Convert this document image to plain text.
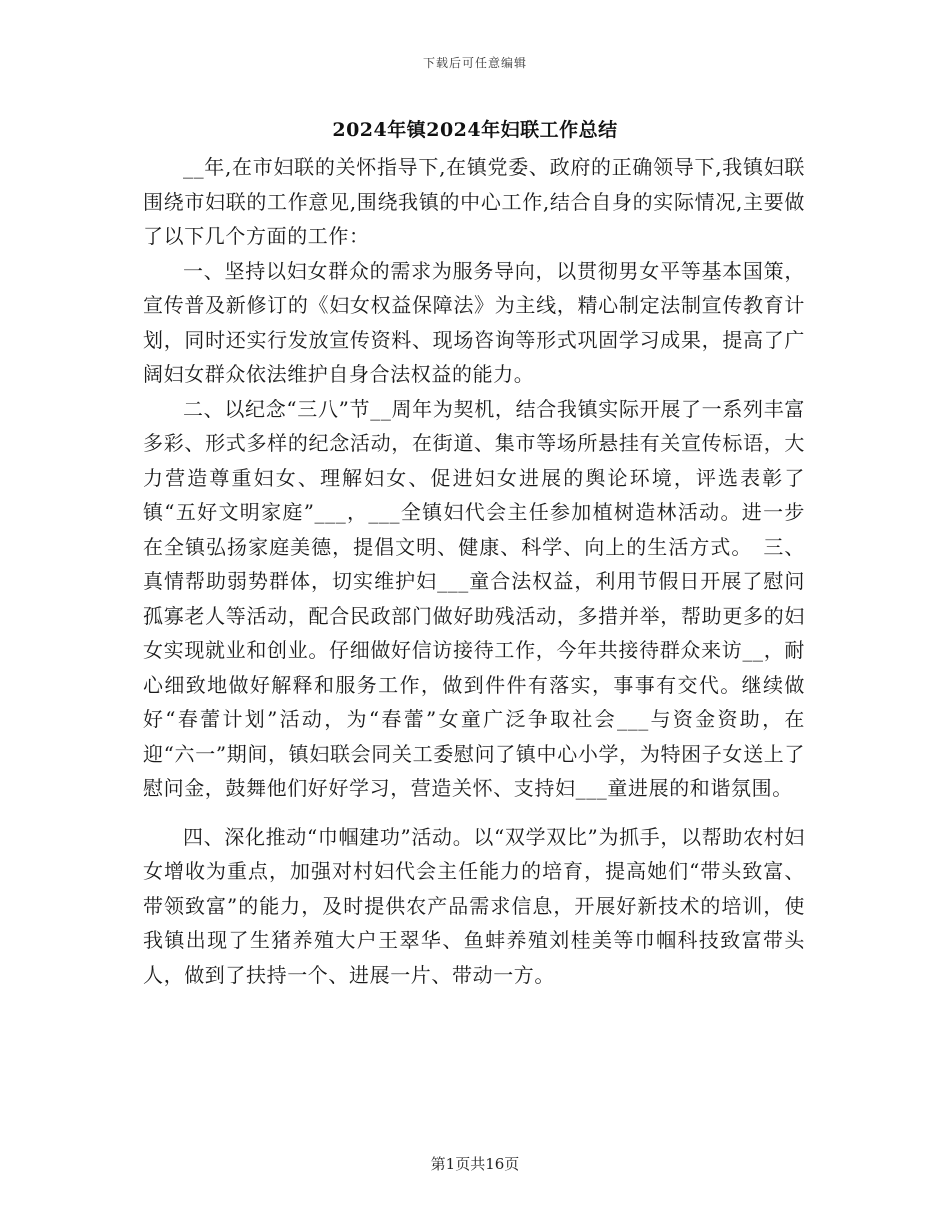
下载后可任意编辑
2024年镇2024年妇联工作总结

__年,在市妇联的关怀指导下,在镇党委、政府的正确领导下,我镇妇联围绕市妇联的工作意见,围绕我镇的中心工作,结合自身的实际情况,主要做了以下几个方面的工作：

一、坚持以妇女群众的需求为服务导向，以贯彻男女平等基本国策，宣传普及新修订的《妇女权益保障法》为主线，精心制定法制宣传教育计划，同时还实行发放宣传资料、现场咨询等形式巩固学习成果，提高了广阔妇女群众依法维护自身合法权益的能力。

二、以纪念“三八”节__周年为契机，结合我镇实际开展了一系列丰富多彩、形式多样的纪念活动，在街道、集市等场所悬挂有关宣传标语，大力营造尊重妇女、理解妇女、促进妇女进展的舆论环境，评选表彰了镇“五好文明家庭”___，___全镇妇代会主任参加植树造林活动。进一步在全镇弘扬家庭美德，提倡文明、健康、科学、向上的生活方式。　三、真情帮助弱势群体，切实维护妇___童合法权益，利用节假日开展了慰问孤寡老人等活动，配合民政部门做好助残活动，多措并举，帮助更多的妇女实现就业和创业。仔细做好信访接待工作，今年共接待群众来访__，耐心细致地做好解释和服务工作，做到件件有落实，事事有交代。继续做好“春蕾计划”活动，为“春蕾”女童广泛争取社会___与资金资助，在迎“六一”期间，镇妇联会同关工委慰问了镇中心小学，为特困子女送上了慰问金，鼓舞他们好好学习，营造关怀、支持妇___童进展的和谐氛围。

四、深化推动“巾帼建功”活动。以“双学双比”为抓手，以帮助农村妇女增收为重点，加强对村妇代会主任能力的培育，提高她们“带头致富、带领致富”的能力，及时提供农产品需求信息，开展好新技术的培训，使我镇出现了生猪养殖大户王翠华、鱼蚌养殖刘桂美等巾帼科技致富带头人，做到了扶持一个、进展一片、带动一方。

第1页共16页
